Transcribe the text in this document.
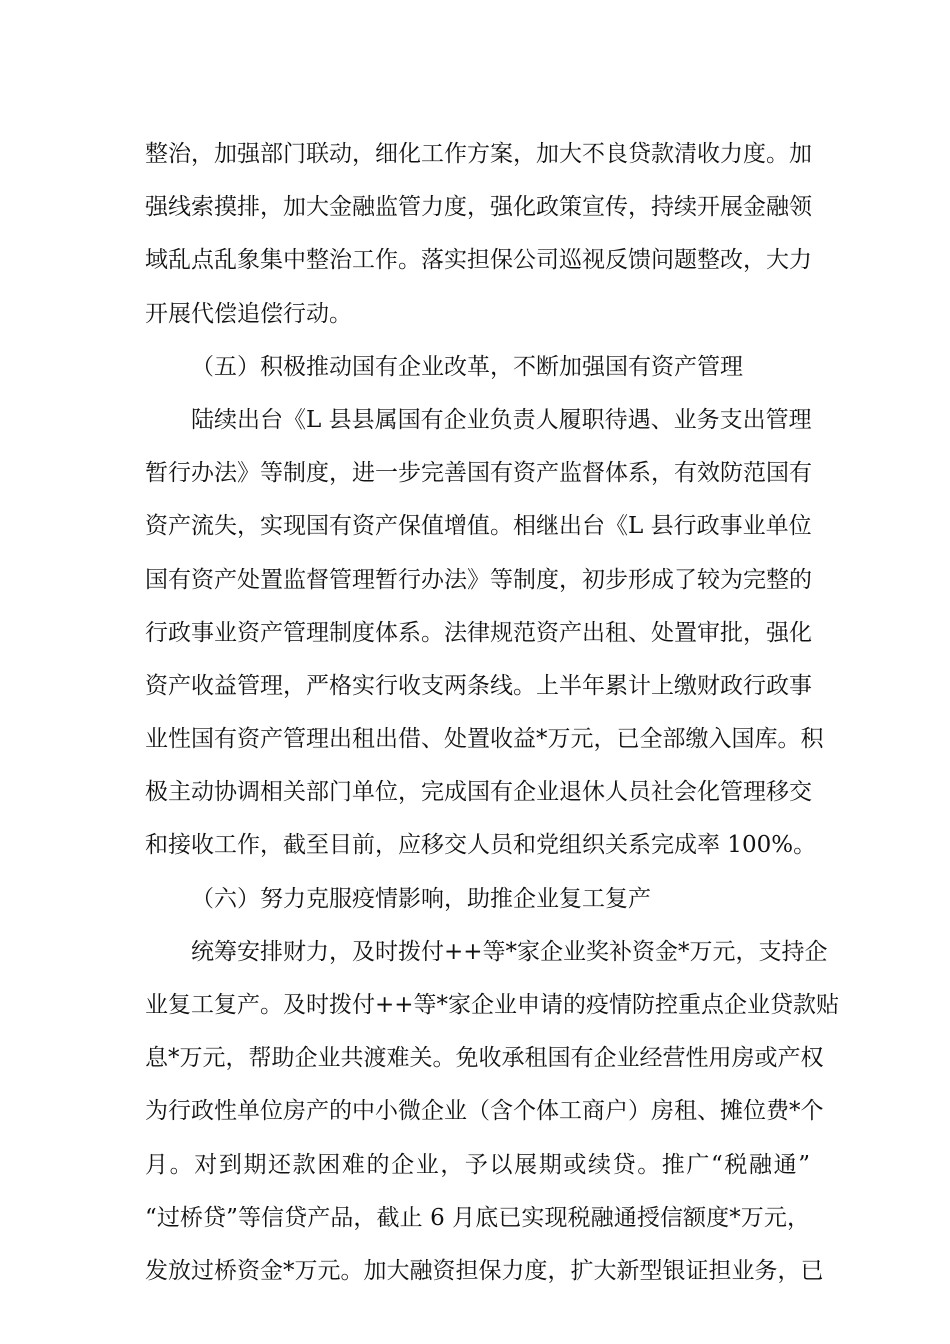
整治，加强部门联动，细化工作方案，加大不良贷款清收力度。加
强线索摸排，加大金融监管力度，强化政策宣传，持续开展金融领
域乱点乱象集中整治工作。落实担保公司巡视反馈问题整改，大力
开展代偿追偿行动。
（五）积极推动国有企业改革，不断加强国有资产管理
陆续出台《L 县县属国有企业负责人履职待遇、业务支出管理
暂行办法》等制度，进一步完善国有资产监督体系，有效防范国有
资产流失，实现国有资产保值增值。相继出台《L 县行政事业单位
国有资产处置监督管理暂行办法》等制度，初步形成了较为完整的
行政事业资产管理制度体系。法律规范资产出租、处置审批，强化
资产收益管理，严格实行收支两条线。上半年累计上缴财政行政事
业性国有资产管理出租出借、处置收益*万元，已全部缴入国库。积
极主动协调相关部门单位，完成国有企业退休人员社会化管理移交
和接收工作，截至目前，应移交人员和党组织关系完成率 100%。
（六）努力克服疫情影响，助推企业复工复产
统筹安排财力，及时拨付++等*家企业奖补资金*万元，支持企
业复工复产。及时拨付++等*家企业申请的疫情防控重点企业贷款贴
息*万元，帮助企业共渡难关。免收承租国有企业经营性用房或产权
为行政性单位房产的中小微企业（含个体工商户）房租、摊位费*个
月。对到期还款困难的企业，予以展期或续贷。推广“税融通”
“过桥贷”等信贷产品，截止 6 月底已实现税融通授信额度*万元，
发放过桥资金*万元。加大融资担保力度，扩大新型银证担业务，已
